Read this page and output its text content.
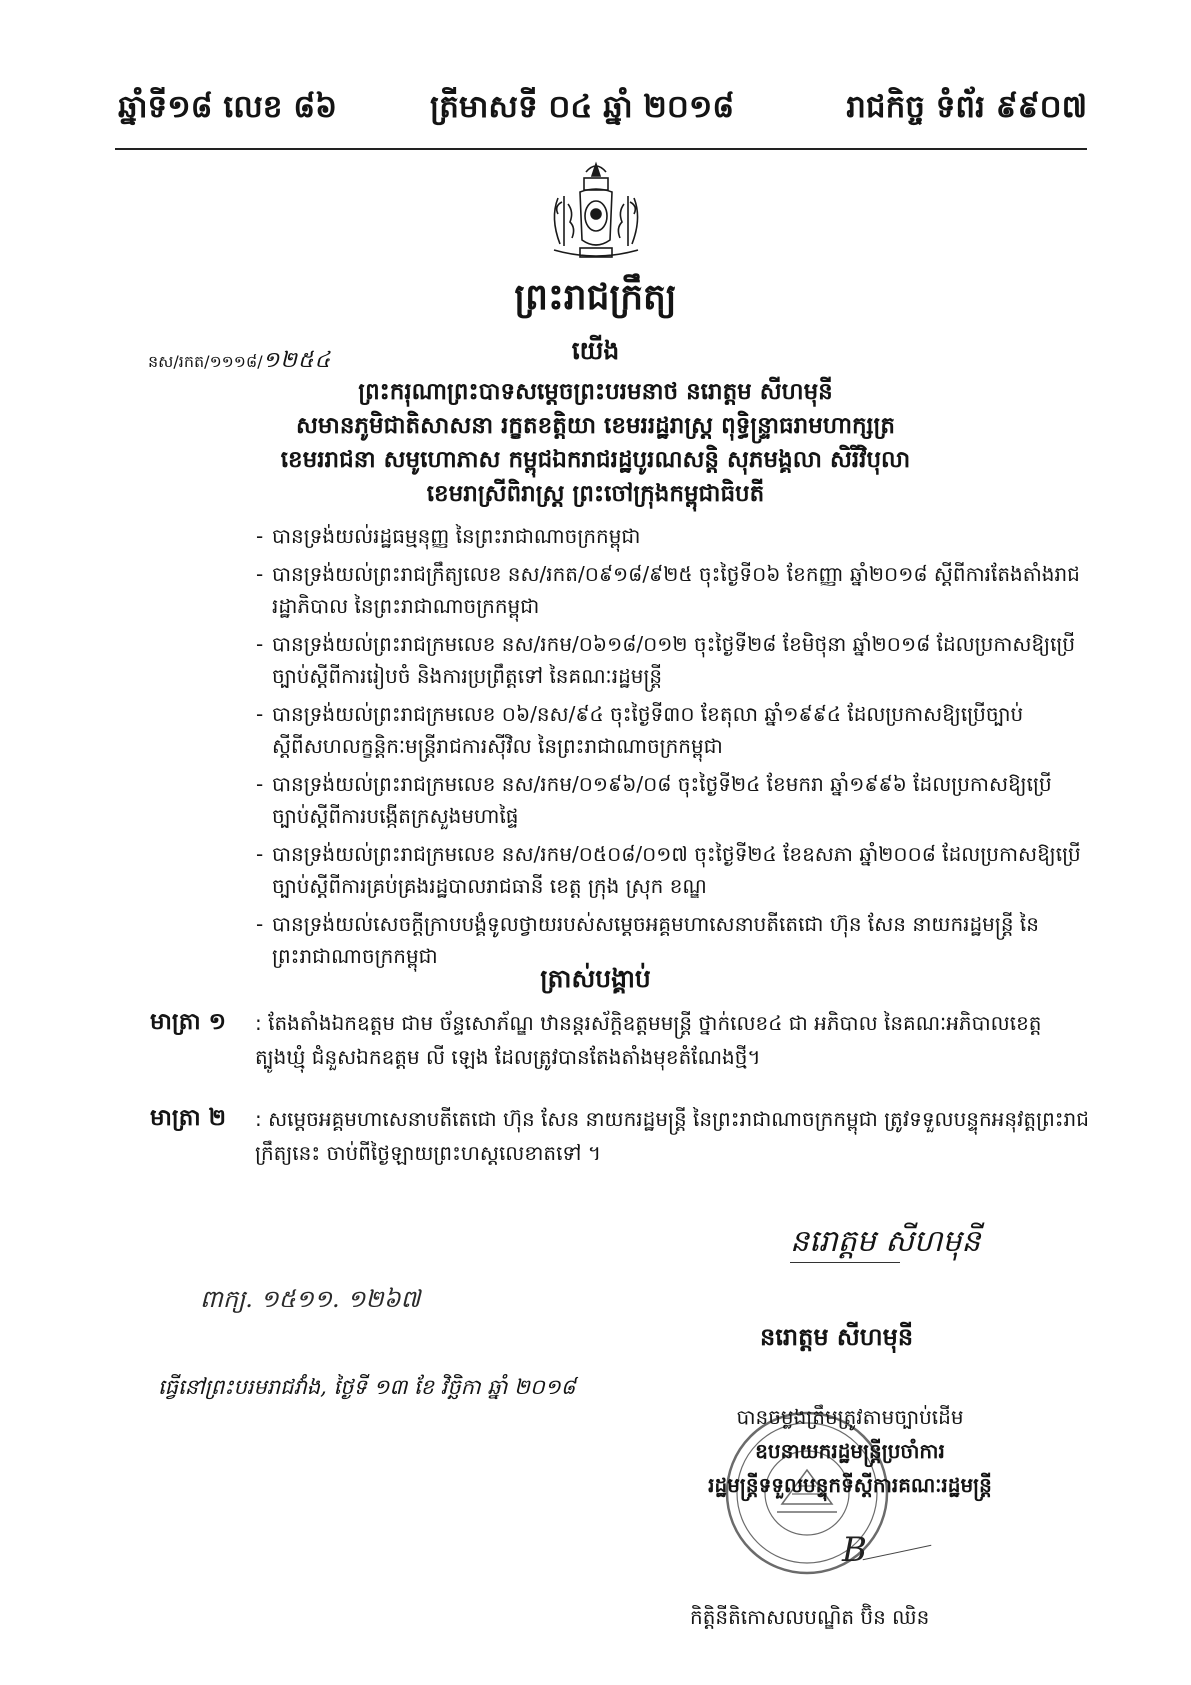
ឆ្នាំទី១៨ លេខ ៨៦	ត្រីមាសទី ០៤ ឆ្នាំ ២០១៨	រាជកិច្ច ទំព័រ ៩៩០៧
ព្រះរាជក្រឹត្យ
នស/រកត/១១១៨/១២៥៤	យើង
ព្រះករុណាព្រះបាទសម្តេចព្រះបរមនាថ នរោត្តម សីហមុនី
សមានភូមិជាតិសាសនា រក្ខតខត្តិយា ខេមររដ្ឋរាស្ត្រ ពុទ្ធិន្ទ្រាធរាមហាក្សត្រ
ខេមររាជនា សមូហោភាស កម្ពុជឯករាជរដ្ឋបូរណសន្តិ សុភមង្គលា សិរីវិបុលា
ខេមរាស្រីពិរាស្ត្រ ព្រះចៅក្រុងកម្ពុជាធិបតី
- បានទ្រង់យល់រដ្ឋធម្មនុញ្ញ នៃព្រះរាជាណាចក្រកម្ពុជា
- បានទ្រង់យល់ព្រះរាជក្រឹត្យលេខ នស/រកត/០៩១៨/៩២៥ ចុះថ្ងៃទី០៦ ខែកញ្ញា ឆ្នាំ២០១៨ ស្តីពីការតែងតាំងរាជរដ្ឋាភិបាល នៃព្រះរាជាណាចក្រកម្ពុជា
- បានទ្រង់យល់ព្រះរាជក្រមលេខ នស/រកម/០៦១៨/០១២ ចុះថ្ងៃទី២៨ ខែមិថុនា ឆ្នាំ២០១៨ ដែលប្រកាសឱ្យប្រើច្បាប់ស្តីពីការរៀបចំ និងការប្រព្រឹត្តទៅ នៃគណៈរដ្ឋមន្ត្រី
- បានទ្រង់យល់ព្រះរាជក្រមលេខ ០៦/នស/៩៤ ចុះថ្ងៃទី៣០ ខែតុលា ឆ្នាំ១៩៩៤ ដែលប្រកាសឱ្យប្រើច្បាប់ស្តីពីសហលក្ខន្តិកៈមន្ត្រីរាជការស៊ីវិល នៃព្រះរាជាណាចក្រកម្ពុជា
- បានទ្រង់យល់ព្រះរាជក្រមលេខ នស/រកម/០១៩៦/០៨ ចុះថ្ងៃទី២៤ ខែមករា ឆ្នាំ១៩៩៦ ដែលប្រកាសឱ្យប្រើច្បាប់ស្តីពីការបង្កើតក្រសួងមហាផ្ទៃ
- បានទ្រង់យល់ព្រះរាជក្រមលេខ នស/រកម/០៥០៨/០១៧ ចុះថ្ងៃទី២៤ ខែឧសភា ឆ្នាំ២០០៨ ដែលប្រកាសឱ្យប្រើច្បាប់ស្តីពីការគ្រប់គ្រងរដ្ឋបាលរាជធានី ខេត្ត ក្រុង ស្រុក ខណ្ឌ
- បានទ្រង់យល់សេចក្តីក្រាបបង្គំទូលថ្វាយរបស់សម្តេចអគ្គមហាសេនាបតីតេជោ ហ៊ុន សែន នាយករដ្ឋមន្ត្រី នៃព្រះរាជាណាចក្រកម្ពុជា
ត្រាស់បង្គាប់
មាត្រា ១ : តែងតាំងឯកឧត្តម ជាម ច័ន្ទសោភ័ណ្ឌ ឋានន្តរស័ក្តិឧត្តមមន្ត្រី ថ្នាក់លេខ៤ ជា អភិបាល នៃគណៈអភិបាលខេត្តត្បូងឃ្មុំ ជំនួសឯកឧត្តម លី ឡេង ដែលត្រូវបានតែងតាំងមុខតំណែងថ្មី។
មាត្រា ២ : សម្តេចអគ្គមហាសេនាបតីតេជោ ហ៊ុន សែន នាយករដ្ឋមន្ត្រី នៃព្រះរាជាណាចក្រកម្ពុជា ត្រូវទទួលបន្ទុកអនុវត្តព្រះរាជក្រឹត្យនេះ ចាប់ពីថ្ងៃឡាយព្រះហស្តលេខាតទៅ ។
នរោត្តម សីហមុនី
ពាក្យ. ១៥១១. ១២៦៧
នរោត្តម សីហមុនី
ធ្វើនៅព្រះបរមរាជវាំង, ថ្ងៃទី ១៣ ខែ វិច្ឆិកា ឆ្នាំ ២០១៨
បានចម្លងត្រឹមត្រូវតាមច្បាប់ដើម
ឧបនាយករដ្ឋមន្ត្រីប្រចាំការ
រដ្ឋមន្ត្រីទទួលបន្ទុកទីស្តីការគណៈរដ្ឋមន្ត្រី
B
កិត្តិនីតិកោសលបណ្ឌិត ប៊ិន ឈិន
